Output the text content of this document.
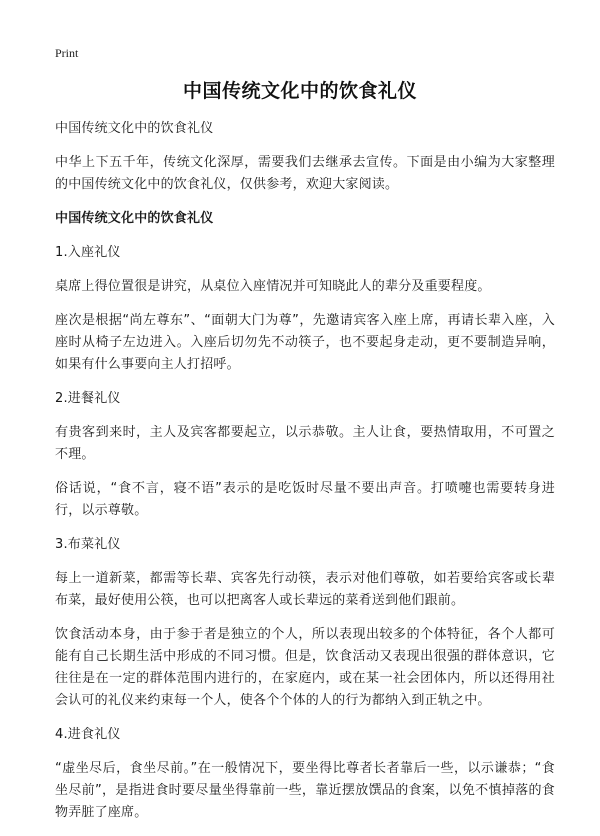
Print
中国传统文化中的饮食礼仪

中国传统文化中的饮食礼仪

中华上下五千年，传统文化深厚，需要我们去继承去宣传。下面是由小编为大家整理的中国传统文化中的饮食礼仪，仅供参考，欢迎大家阅读。

中国传统文化中的饮食礼仪

1.入座礼仪

桌席上得位置很是讲究，从桌位入座情况并可知晓此人的辈分及重要程度。

座次是根据“尚左尊东”、“面朝大门为尊”，先邀请宾客入座上席，再请长辈入座，入座时从椅子左边进入。入座后切勿先不动筷子，也不要起身走动，更不要制造异响，如果有什么事要向主人打招呼。

2.进餐礼仪

有贵客到来时，主人及宾客都要起立，以示恭敬。主人让食，要热情取用，不可置之不理。

俗话说，“食不言，寝不语”表示的是吃饭时尽量不要出声音。打喷嚏也需要转身进行，以示尊敬。

3.布菜礼仪

每上一道新菜，都需等长辈、宾客先行动筷，表示对他们尊敬，如若要给宾客或长辈布菜，最好使用公筷，也可以把离客人或长辈远的菜肴送到他们跟前。

饮食活动本身，由于参于者是独立的个人，所以表现出较多的个体特征，各个人都可能有自己长期生活中形成的不同习惯。但是，饮食活动又表现出很强的群体意识，它往往是在一定的群体范围内进行的，在家庭内，或在某一社会团体内，所以还得用社会认可的礼仪来约束每一个人，使各个个体的人的行为都纳入到正轨之中。

4.进食礼仪

“虚坐尽后，食坐尽前。”在一般情况下，要坐得比尊者长者靠后一些，以示谦恭；“食坐尽前”，是指进食时要尽量坐得靠前一些，靠近摆放馔品的食案，以免不慎掉落的食物弄脏了座席。
